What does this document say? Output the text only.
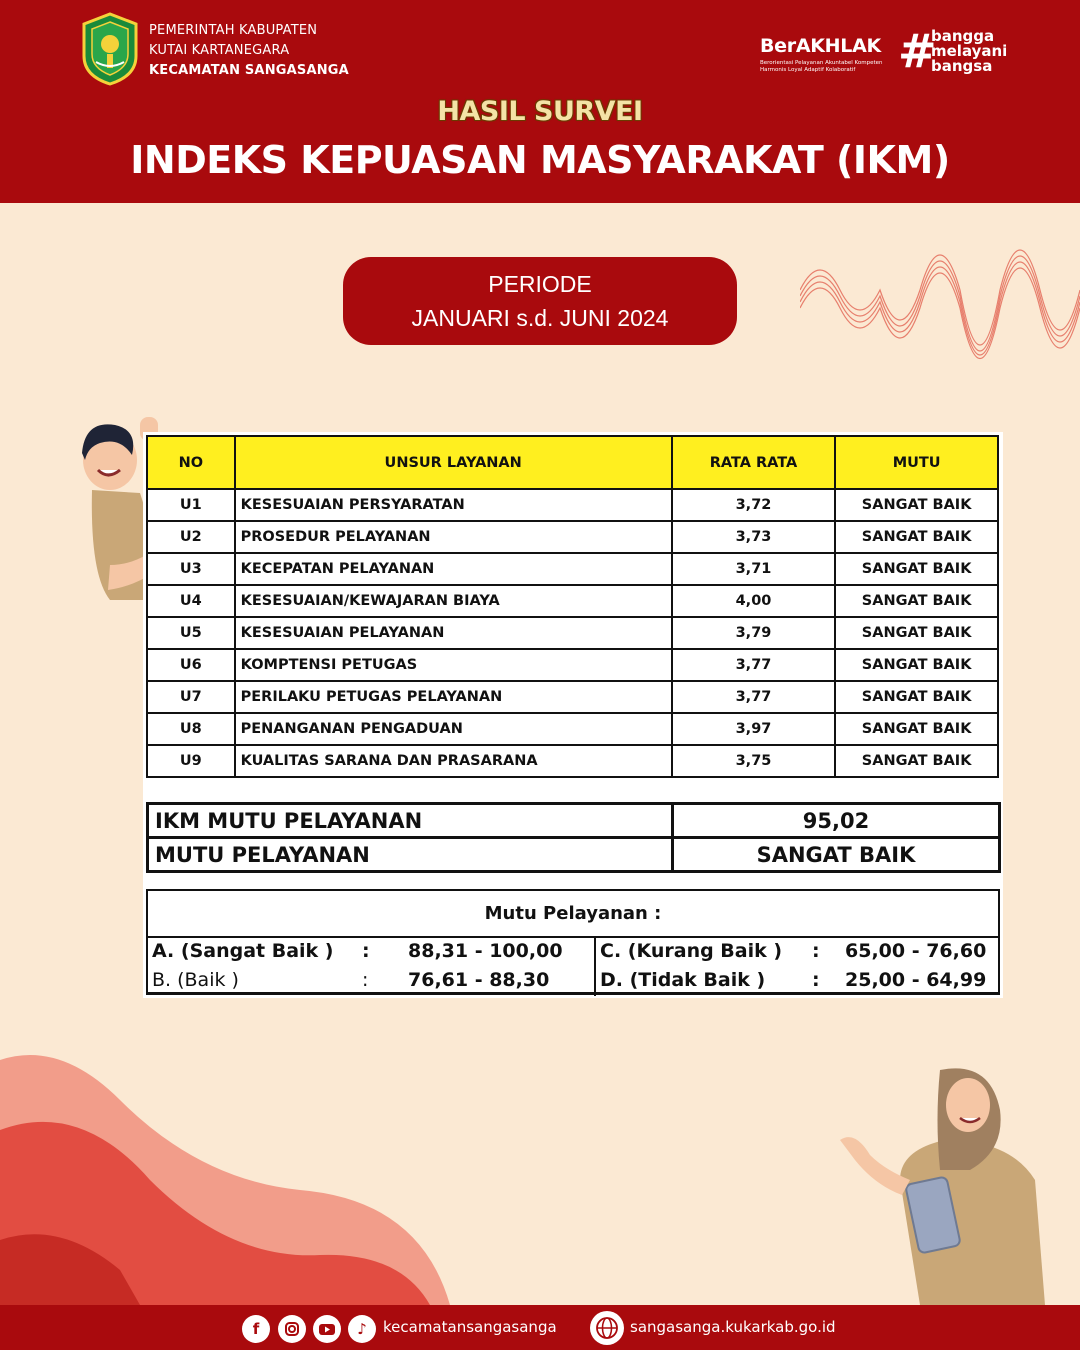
PEMERINTAH KABUPATEN
KUTAI KARTANEGARA
KECAMATAN SANGASANGA
BerAKHLAK
Berorientasi Pelayanan Akuntabel Kompeten Harmonis Loyal Adaptif Kolaboratif #
bangga
melayani
bangsa
HASIL SURVEI
INDEKS KEPUASAN MASYARAKAT (IKM)
PERIODE
JANUARI s.d. JUNI 2024
NO	UNSUR LAYANAN	RATA RATA	MUTU
U1	KESESUAIAN PERSYARATAN	3,72	SANGAT BAIK
U2	PROSEDUR PELAYANAN	3,73	SANGAT BAIK
U3	KECEPATAN PELAYANAN	3,71	SANGAT BAIK
U4	KESESUAIAN/KEWAJARAN BIAYA	4,00	SANGAT BAIK
U5	KESESUAIAN PELAYANAN	3,79	SANGAT BAIK
U6	KOMPTENSI PETUGAS	3,77	SANGAT BAIK
U7	PERILAKU PETUGAS PELAYANAN	3,77	SANGAT BAIK
U8	PENANGANAN PENGADUAN	3,97	SANGAT BAIK
U9	KUALITAS SARANA DAN PRASARANA	3,75	SANGAT BAIK
IKM MUTU PELAYANAN	95,02
MUTU PELAYANAN	SANGAT BAIK
Mutu Pelayanan :
A. (Sangat Baik ) : 88,31 - 100,00
B. (Baik )	: 76,61 - 88,30
C. (Kurang Baik ) : 65,00 - 76,60
D. (Tidak Baik ) : 25,00 - 64,99
f	♪	kecamatansangasanga	sangasanga.kukarkab.go.id
